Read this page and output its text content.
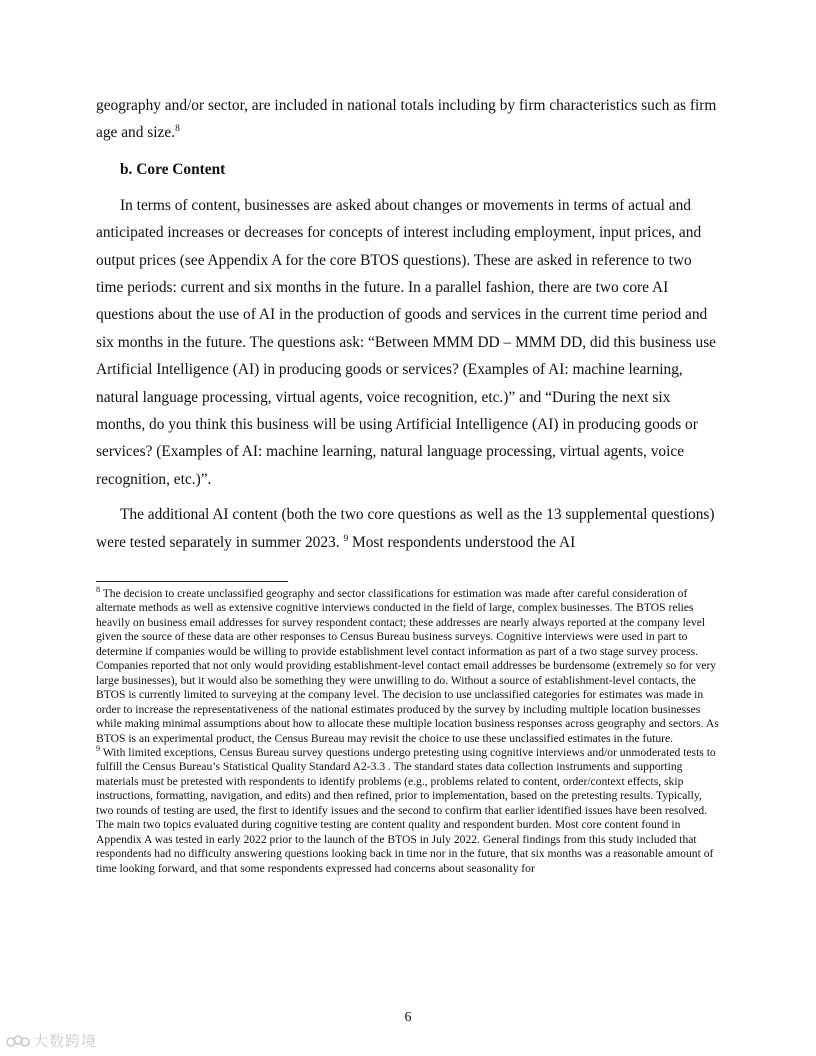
geography and/or sector, are included in national totals including by firm characteristics such as firm age and size.$^8$

b. Core Content

In terms of content, businesses are asked about changes or movements in terms of actual and anticipated increases or decreases for concepts of interest including employment, input prices, and output prices (see Appendix A for the core BTOS questions). These are asked in reference to two time periods: current and six months in the future. In a parallel fashion, there are two core AI questions about the use of AI in the production of goods and services in the current time period and six months in the future. The questions ask: “Between MMM DD – MMM DD, did this business use Artificial Intelligence (AI) in producing goods or services? (Examples of AI: machine learning, natural language processing, virtual agents, voice recognition, etc.)” and “During the next six months, do you think this business will be using Artificial Intelligence (AI) in producing goods or services? (Examples of AI: machine learning, natural language processing, virtual agents, voice recognition, etc.)”.

The additional AI content (both the two core questions as well as the 13 supplemental questions) were tested separately in summer 2023. $^9$ Most respondents understood the AI

$^8$ The decision to create unclassified geography and sector classifications for estimation was made after careful consideration of alternate methods as well as extensive cognitive interviews conducted in the field of large, complex businesses. The BTOS relies heavily on business email addresses for survey respondent contact; these addresses are nearly always reported at the company level given the source of these data are other responses to Census Bureau business surveys. Cognitive interviews were used in part to determine if companies would be willing to provide establishment level contact information as part of a two stage survey process. Companies reported that not only would providing establishment-level contact email addresses be burdensome (extremely so for very large businesses), but it would also be something they were unwilling to do. Without a source of establishment-level contacts, the BTOS is currently limited to surveying at the company level. The decision to use unclassified categories for estimates was made in order to increase the representativeness of the national estimates produced by the survey by including multiple location businesses while making minimal assumptions about how to allocate these multiple location business responses across geography and sectors. As BTOS is an experimental product, the Census Bureau may revisit the choice to use these unclassified estimates in the future.

$^9$ With limited exceptions, Census Bureau survey questions undergo pretesting using cognitive interviews and/or unmoderated tests to fulfill the Census Bureau’s Statistical Quality Standard A2-3.3 . The standard states data collection instruments and supporting materials must be pretested with respondents to identify problems (e.g., problems related to content, order/context effects, skip instructions, formatting, navigation, and edits) and then refined, prior to implementation, based on the pretesting results. Typically, two rounds of testing are used, the first to identify issues and the second to confirm that earlier identified issues have been resolved. The main two topics evaluated during cognitive testing are content quality and respondent burden. Most core content found in Appendix A was tested in early 2022 prior to the launch of the BTOS in July 2022. General findings from this study included that respondents had no difficulty answering questions looking back in time nor in the future, that six months was a reasonable amount of time looking forward, and that some respondents expressed had concerns about seasonality for

6
大数跨境
